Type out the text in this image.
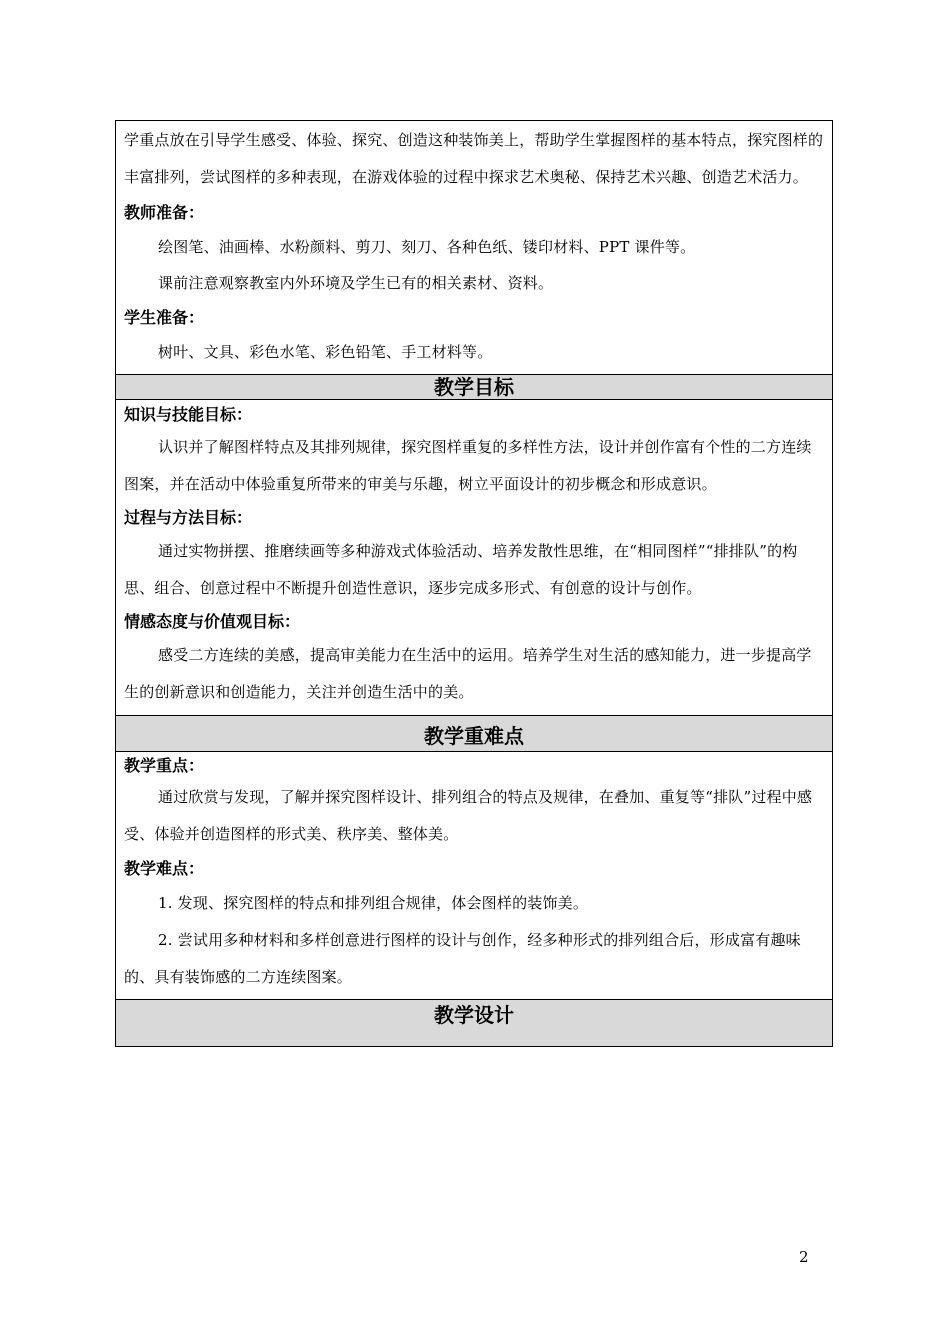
学重点放在引导学生感受、体验、探究、创造这种装饰美上，帮助学生掌握图样的基本特点，探究图样的丰富排列，尝试图样的多种表现，在游戏体验的过程中探求艺术奥秘、保持艺术兴趣、创造艺术活力。

教师准备：

绘图笔、油画棒、水粉颜料、剪刀、刻刀、各种色纸、镂印材料、PPT 课件等。

课前注意观察教室内外环境及学生已有的相关素材、资料。

学生准备：

树叶、文具、彩色水笔、彩色铅笔、手工材料等。

教学目标

知识与技能目标：

认识并了解图样特点及其排列规律，探究图样重复的多样性方法，设计并创作富有个性的二方连续图案，并在活动中体验重复所带来的审美与乐趣，树立平面设计的初步概念和形成意识。

过程与方法目标：

通过实物拼摆、推磨续画等多种游戏式体验活动、培养发散性思维，在“相同图样”“排排队”的构思、组合、创意过程中不断提升创造性意识，逐步完成多形式、有创意的设计与创作。

情感态度与价值观目标：

感受二方连续的美感，提高审美能力在生活中的运用。培养学生对生活的感知能力，进一步提高学生的创新意识和创造能力，关注并创造生活中的美。

教学重难点

教学重点：

通过欣赏与发现，了解并探究图样设计、排列组合的特点及规律，在叠加、重复等“排队”过程中感受、体验并创造图样的形式美、秩序美、整体美。

教学难点：

1. 发现、探究图样的特点和排列组合规律，体会图样的装饰美。

2. 尝试用多种材料和多样创意进行图样的设计与创作，经多种形式的排列组合后，形成富有趣味的、具有装饰感的二方连续图案。

教学设计
2
